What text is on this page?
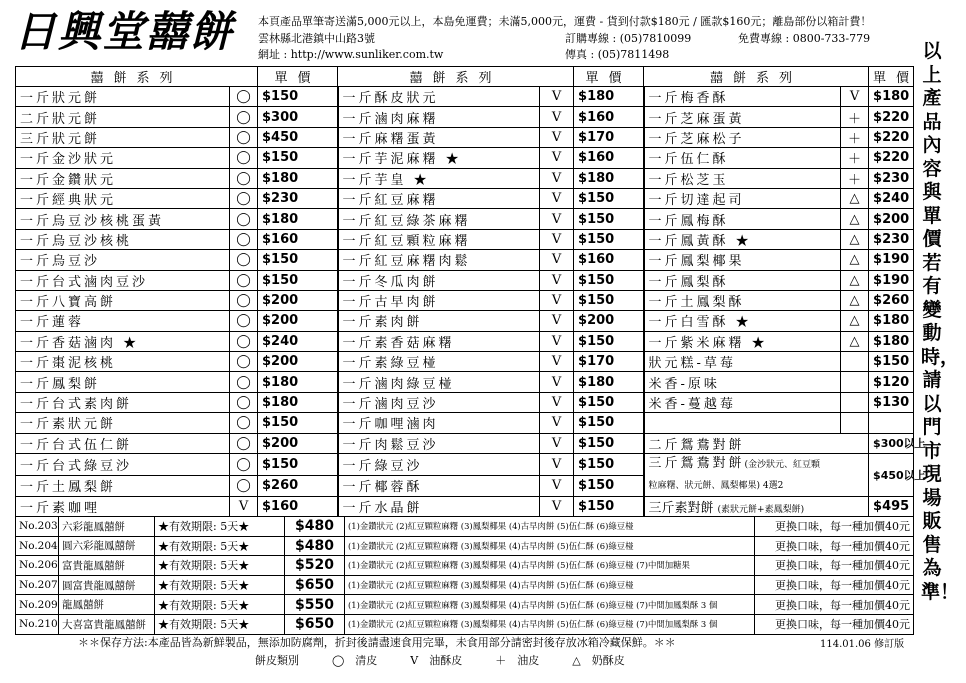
日興堂囍餅	本頁產品單筆寄送滿5,000元以上，本島免運費；未滿5,000元，運費 - 貨到付款$180元 / 匯款$160元；離島部份以箱計費！
雲林縣北港鎮中山路3號	訂購專線 : (05)7810099	免費專線 : 0800-733-779
網址 : http://www.sunliker.com.tw	傳真 : (05)7811498	以上產品內容與單價若有變動時，請以門市現場販售為準！
囍餅系列		單價	囍餅系列		單價	囍餅系列		單價
一斤狀元餅	◯	$150	一斤酥皮狀元	V	$180	一斤梅香酥	V	$180
二斤狀元餅	◯	$300	一斤滷肉麻糬	V	$160	一斤芝麻蛋黃	＋	$220
三斤狀元餅	◯	$450	一斤麻糬蛋黃	V	$170	一斤芝麻松子	＋	$220
一斤金沙狀元	◯	$150	一斤芋泥麻糬 ★	V	$160	一斤伍仁酥	＋	$220
一斤金鑽狀元	◯	$180	一斤芋皇 ★	V	$180	一斤松芝玉	＋	$230
一斤經典狀元	◯	$230	一斤紅豆麻糬	V	$150	一斤切達起司	△	$240
一斤烏豆沙核桃蛋黃	◯	$180	一斤紅豆綠茶麻糬	V	$150	一斤鳳梅酥	△	$200
一斤烏豆沙核桃	◯	$160	一斤紅豆顆粒麻糬	V	$150	一斤鳳黃酥 ★	△	$230
一斤烏豆沙	◯	$150	一斤紅豆麻糬肉鬆	V	$160	一斤鳳梨椰果	△	$190
一斤台式滷肉豆沙	◯	$150	一斤冬瓜肉餅	V	$150	一斤鳳梨酥	△	$190
一斤八寶高餅	◯	$200	一斤古早肉餅	V	$150	一斤土鳳梨酥	△	$260
一斤蓮蓉	◯	$200	一斤素肉餅	V	$200	一斤白雪酥 ★	△	$180
一斤香菇滷肉 ★	◯	$240	一斤素香菇麻糬	V	$150	一斤紫米麻糬 ★	△	$180
一斤棗泥核桃	◯	$200	一斤素綠豆椪	V	$170	狀元糕-草莓		$150
一斤鳳梨餅	◯	$180	一斤滷肉綠豆椪	V	$180	米香-原味		$120
一斤台式素肉餅	◯	$180	一斤滷肉豆沙	V	$150	米香-蔓越莓		$130
一斤素狀元餅	◯	$150	一斤咖哩滷肉	V	$150			
一斤台式伍仁餅	◯	$200	一斤肉鬆豆沙	V	$150	二斤鴛鴦對餅		$300以上
一斤台式綠豆沙	◯	$150	一斤綠豆沙	V	$150	三斤鴛鴦對餅(金沙狀元、紅豆顆
粒麻糬、狀元餅、鳳梨椰果) 4選2		$450以上
一斤土鳳梨餅	◯	$260	一斤椰蓉酥	V	$150			
一斤素咖哩	V	$160	一斤水晶餅	V	$150	三斤素對餅 (素狀元餅+素鳳梨餅)		$495
No.203	六彩龍鳳囍餅	★有效期限: 5天★	$480	(1)金鑽狀元 (2)紅豆顆粒麻糬 (3)鳳梨椰果 (4)古早肉餅 (5)伍仁酥 (6)綠豆椪	更換口味，每一種加價40元
No.204	圓六彩龍鳳囍餅	★有效期限: 5天★	$480	(1)金鑽狀元 (2)紅豆顆粒麻糬 (3)鳳梨椰果 (4)古早肉餅 (5)伍仁酥 (6)綠豆椪	更換口味，每一種加價40元
No.206	富貴龍鳳囍餅	★有效期限: 5天★	$520	(1)金鑽狀元 (2)紅豆顆粒麻糬 (3)鳳梨椰果 (4)古早肉餅 (5)伍仁酥 (6)綠豆椪 (7)中間加糖果	更換口味，每一種加價40元
No.207	圓富貴龍鳳囍餅	★有效期限: 5天★	$650	(1)金鑽狀元 (2)紅豆顆粒麻糬 (3)鳳梨椰果 (4)古早肉餅 (5)伍仁酥 (6)綠豆椪	更換口味，每一種加價40元
No.209	龍鳳囍餅	★有效期限: 5天★	$550	(1)金鑽狀元 (2)紅豆顆粒麻糬 (3)鳳梨椰果 (4)古早肉餅 (5)伍仁酥 (6)綠豆椪 (7)中間加鳳梨酥 3 個	更換口味，每一種加價40元
No.210	大喜富貴龍鳳囍餅	★有效期限: 5天★	$650	(1)金鑽狀元 (2)紅豆顆粒麻糬 (3)鳳梨椰果 (4)古早肉餅 (5)伍仁酥 (6)綠豆椪 (7)中間加鳳梨酥 3 個	更換口味，每一種加價40元
＊＊保存方法:本產品皆為新鮮製品，無添加防腐劑，折封後請盡速食用完畢，未食用部分請密封後存放冰箱冷藏保鮮。＊＊	114.01.06 修訂版
餅皮類別　　　◯　清皮　　　V　油酥皮　　　＋　油皮　　　△　奶酥皮
